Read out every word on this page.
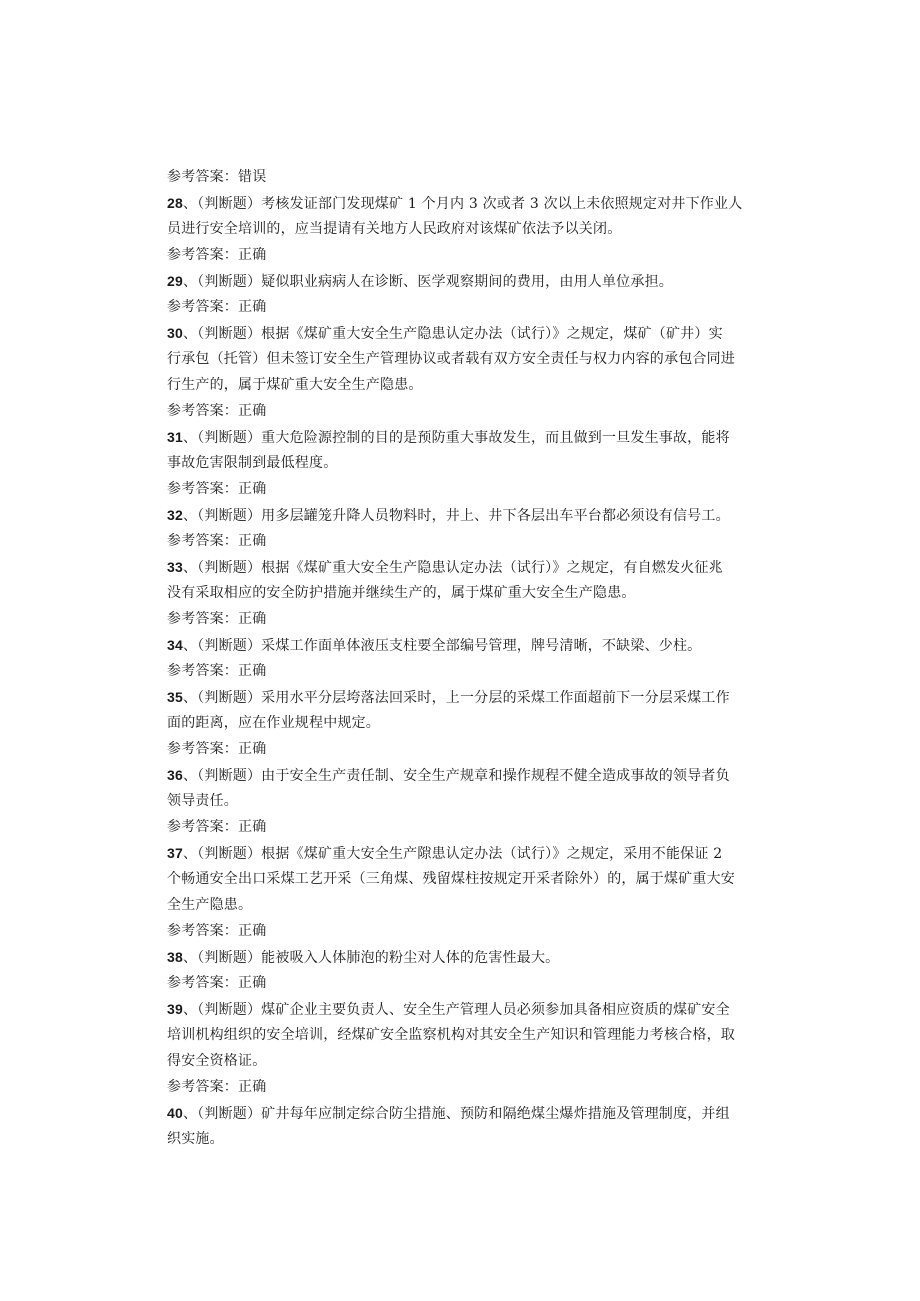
参考答案：错误
28、（判断题）考核发证部门发现煤矿 1 个月内 3 次或者 3 次以上未依照规定对井下作业人
员进行安全培训的，应当提请有关地方人民政府对该煤矿依法予以关闭。
参考答案：正确
29、（判断题）疑似职业病病人在诊断、医学观察期间的费用，由用人单位承担。
参考答案：正确
30、（判断题）根据《煤矿重大安全生产隐患认定办法（试行）》之规定，煤矿（矿井）实
行承包（托管）但未签订安全生产管理协议或者载有双方安全责任与权力内容的承包合同进
行生产的，属于煤矿重大安全生产隐患。
参考答案：正确
31、（判断题）重大危险源控制的目的是预防重大事故发生，而且做到一旦发生事故，能将
事故危害限制到最低程度。
参考答案：正确
32、（判断题）用多层罐笼升降人员物料时，井上、井下各层出车平台都必须设有信号工。
参考答案：正确
33、（判断题）根据《煤矿重大安全生产隐患认定办法（试行）》之规定，有自燃发火征兆
没有采取相应的安全防护措施并继续生产的，属于煤矿重大安全生产隐患。
参考答案：正确
34、（判断题）采煤工作面单体液压支柱要全部编号管理，牌号清晰，不缺梁、少柱。
参考答案：正确
35、（判断题）采用水平分层垮落法回采时，上一分层的采煤工作面超前下一分层采煤工作
面的距离，应在作业规程中规定。
参考答案：正确
36、（判断题）由于安全生产责任制、安全生产规章和操作规程不健全造成事故的领导者负
领导责任。
参考答案：正确
37、（判断题）根据《煤矿重大安全生产隙患认定办法（试行）》之规定，采用不能保证 2
个畅通安全出口采煤工艺开采（三角煤、残留煤柱按规定开采者除外）的，属于煤矿重大安
全生产隐患。
参考答案：正确
38、（判断题）能被吸入人体肺泡的粉尘对人体的危害性最大。
参考答案：正确
39、（判断题）煤矿企业主要负责人、安全生产管理人员必须参加具备相应资质的煤矿安全
培训机构组织的安全培训，经煤矿安全监察机构对其安全生产知识和管理能力考核合格，取
得安全资格证。
参考答案：正确
40、（判断题）矿井每年应制定综合防尘措施、预防和隔绝煤尘爆炸措施及管理制度，并组
织实施。
